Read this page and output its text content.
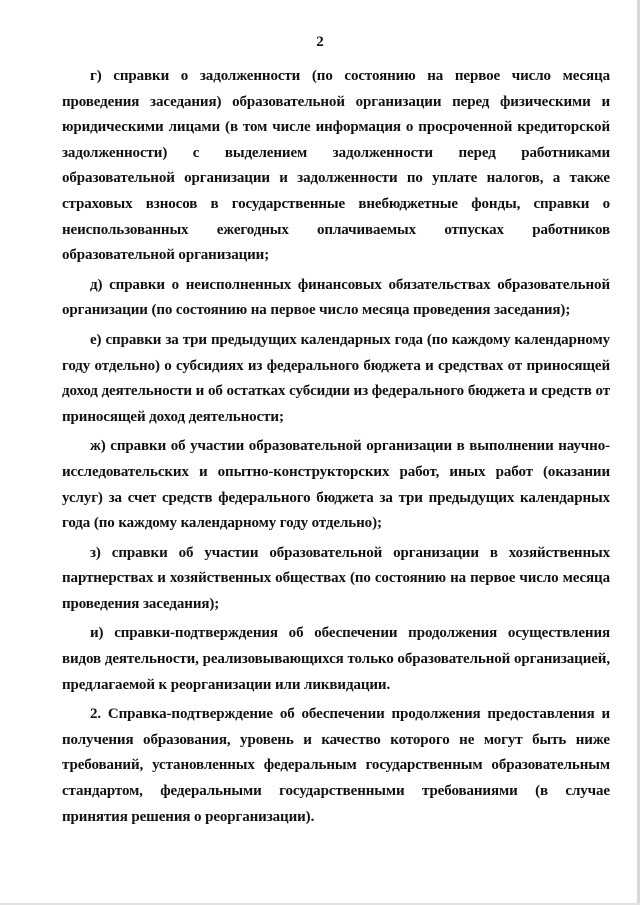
2

г) справки о задолженности (по состоянию на первое число месяца проведения заседания) образовательной организации перед физическими и юридическими лицами (в том числе информация о просроченной кредиторской задолженности) с выделением задолженности перед работниками образовательной организации и задолженности по уплате налогов, а также страховых взносов в государственные внебюджетные фонды, справки о неиспользованных ежегодных оплачиваемых отпусках работников образовательной организации;

д) справки о неисполненных финансовых обязательствах образовательной организации (по состоянию на первое число месяца проведения заседания);

е) справки за три предыдущих календарных года (по каждому календарному году отдельно) о субсидиях из федерального бюджета и средствах от приносящей доход деятельности и об остатках субсидии из федерального бюджета и средств от приносящей доход деятельности;

ж) справки об участии образовательной организации в выполнении научно-исследовательских и опытно-конструкторских работ, иных работ (оказании услуг) за счет средств федерального бюджета за три предыдущих календарных года (по каждому календарному году отдельно);

з) справки об участии образовательной организации в хозяйственных партнерствах и хозяйственных обществах (по состоянию на первое число месяца проведения заседания);

и) справки-подтверждения об обеспечении продолжения осуществления видов деятельности, реализовывающихся только образовательной организацией, предлагаемой к реорганизации или ликвидации.

2. Справка-подтверждение об обеспечении продолжения предоставления и получения образования, уровень и качество которого не могут быть ниже требований, установленных федеральным государственным образовательным стандартом, федеральными государственными требованиями (в случае принятия решения о реорганизации).
